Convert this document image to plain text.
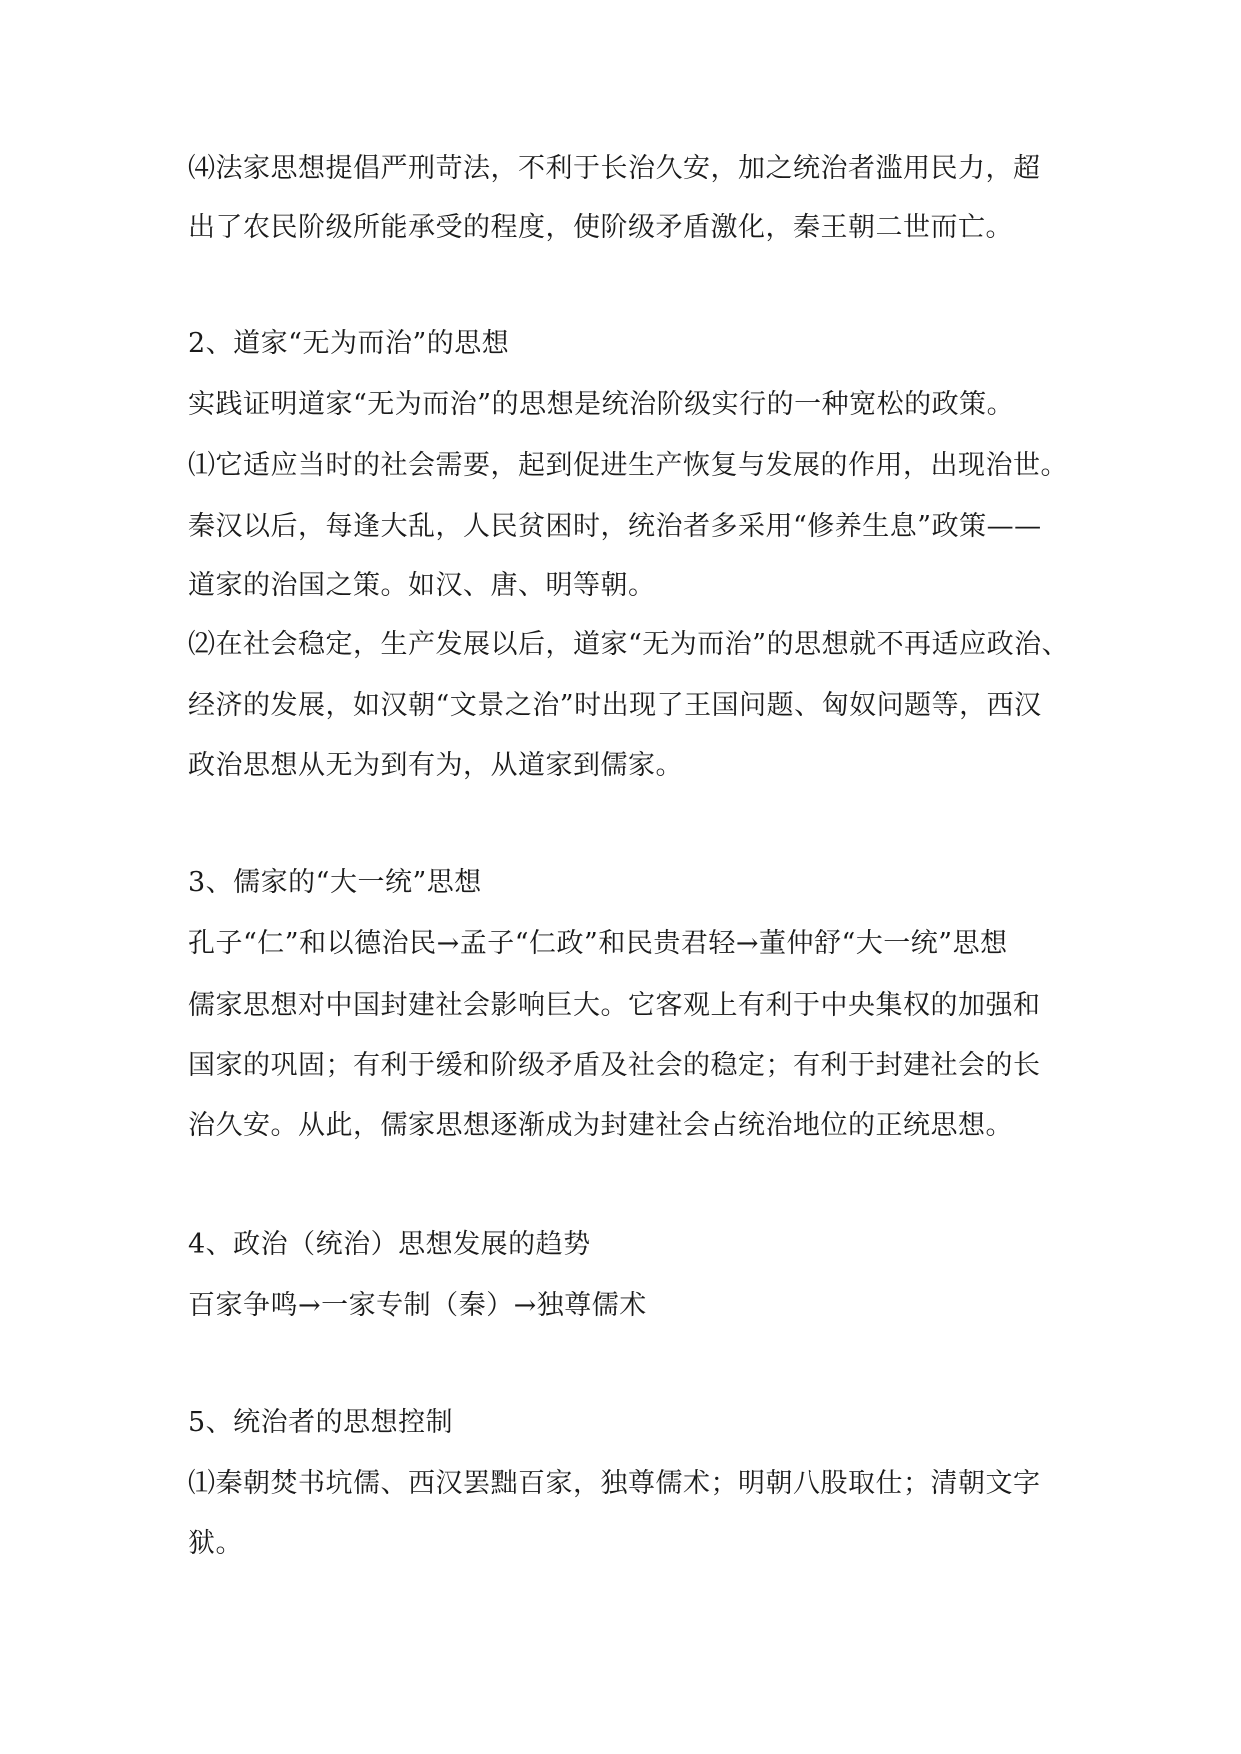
⑷法家思想提倡严刑苛法，不利于长治久安，加之统治者滥用民力，超
出了农民阶级所能承受的程度，使阶级矛盾激化，秦王朝二世而亡。
2、道家“无为而治”的思想
实践证明道家“无为而治”的思想是统治阶级实行的一种宽松的政策。
⑴它适应当时的社会需要，起到促进生产恢复与发展的作用，出现治世。
秦汉以后，每逢大乱，人民贫困时，统治者多采用“修养生息”政策——
道家的治国之策。如汉、唐、明等朝。
⑵在社会稳定，生产发展以后，道家“无为而治”的思想就不再适应政治、
经济的发展，如汉朝“文景之治”时出现了王国问题、匈奴问题等，西汉
政治思想从无为到有为，从道家到儒家。
3、儒家的“大一统”思想
孔子“仁”和以德治民→孟子“仁政”和民贵君轻→董仲舒“大一统”思想
儒家思想对中国封建社会影响巨大。它客观上有利于中央集权的加强和
国家的巩固；有利于缓和阶级矛盾及社会的稳定；有利于封建社会的长
治久安。从此，儒家思想逐渐成为封建社会占统治地位的正统思想。
4、政治（统治）思想发展的趋势
百家争鸣→一家专制（秦）→独尊儒术
5、统治者的思想控制
⑴秦朝焚书坑儒、西汉罢黜百家，独尊儒术；明朝八股取仕；清朝文字
狱。
